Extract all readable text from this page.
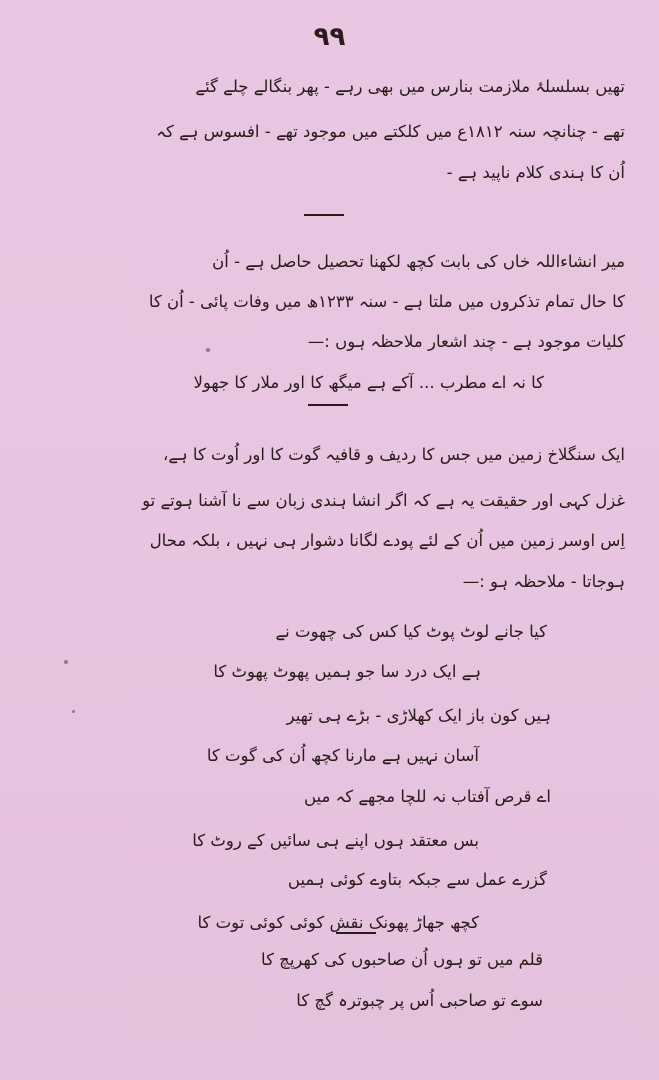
۹۹
تھیں بسلسلۂ ملازمت بنارس میں بھی رہے - پھر بنگالے چلے گئے
تھے - چنانچہ سنہ ۱۸۱۲ع میں کلکتے میں موجود تھے - افسوس ہے کہ
اُن کا ہندی کلام ناپید ہے -
میر انشاءاللہ خاں کی بابت کچھ لکھنا تحصیل حاصل ہے - اُن
کا حال تمام تذکروں میں ملتا ہے - سنہ ۱۲۳۳ھ میں وفات پائی - اُن کا
کلیات موجود ہے - چند اشعار ملاحظہ ہوں :—
کا نہ اے مطرب ... آکے ہے میگھ کا اور ملار کا جھولا
ایک سنگلاخ زمین میں جس کا ردیف و قافیہ گوت کا اور اُوت کا ہے،
غزل کہی اور حقیقت یہ ہے کہ اگر انشا ہندی زبان سے نا آشنا ہوتے تو
اِس اوسر زمین میں اُن کے لئے پودے لگانا دشوار ہی نہیں ، بلکہ محال
ہوجاتا - ملاحظہ ہو :—
کیا جانے لوٹ پوٹ کیا کس کی چھوت نے
ہے ایک درد سا جو ہمیں پھوٹ پھوٹ کا
ہیں کون باز ایک کھلاڑی - بڑے ہی تھیر
آسان نہیں ہے مارنا کچھ اُن کی گوت کا
اے قرص آفتاب نہ للچا مجھے کہ میں
بس معتقد ہوں اپنے ہی سائیں کے روٹ کا
گزرے عمل سے جبکہ بتاوے کوئی ہمیں
کچھ جھاڑ پھونک نقش کوئی کوئی توت کا
قلم میں تو ہوں اُن صاحبوں کی کھرپچ کا
سوے تو صاحبی اُس پر چبوترہ گچ کا
